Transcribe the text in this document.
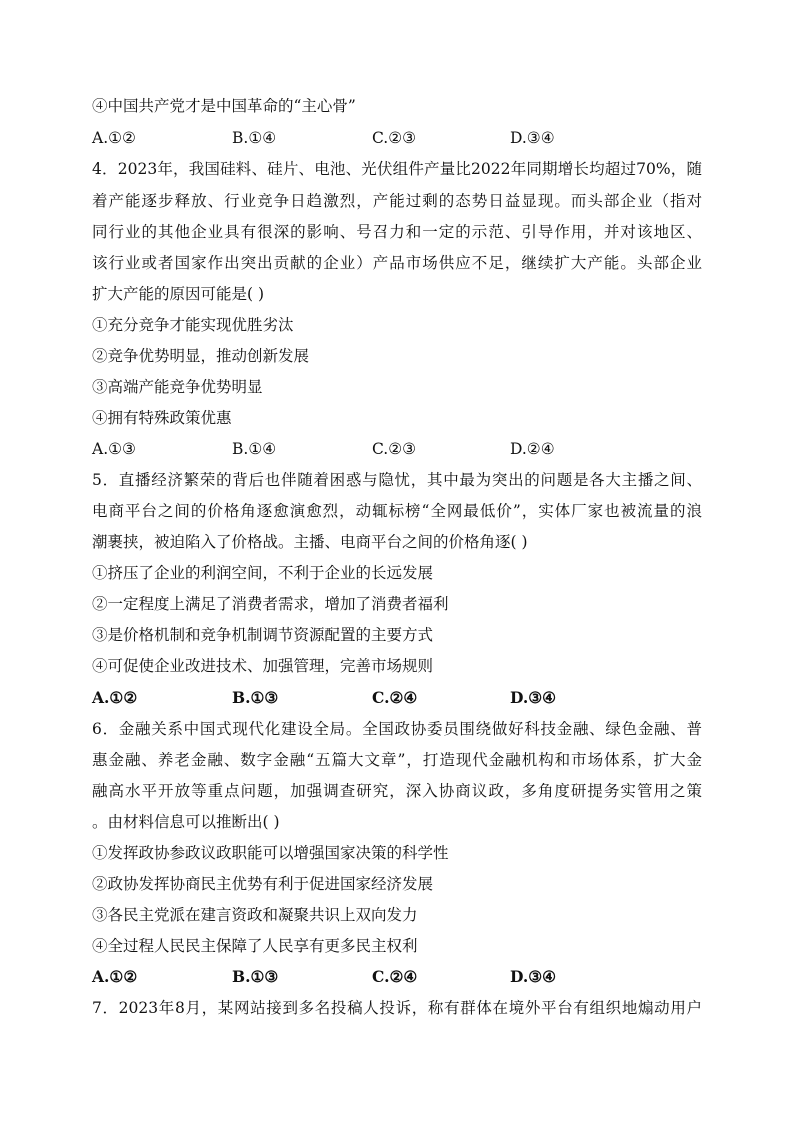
④中国共产党才是中国革命的“主心骨”
A.①②	B.①④	C.②③	D.③④
4．2023年，我国硅料、硅片、电池、光伏组件产量比2022年同期增长均超过70%，随
着产能逐步释放、行业竞争日趋激烈，产能过剩的态势日益显现。而头部企业（指对
同行业的其他企业具有很深的影响、号召力和一定的示范、引导作用，并对该地区、
该行业或者国家作出突出贡献的企业）产品市场供应不足，继续扩大产能。头部企业
扩大产能的原因可能是( )
①充分竞争才能实现优胜劣汰
②竞争优势明显，推动创新发展
③高端产能竞争优势明显
④拥有特殊政策优惠
A.①③	B.①④	C.②③	D.②④
5．直播经济繁荣的背后也伴随着困惑与隐忧，其中最为突出的问题是各大主播之间、
电商平台之间的价格角逐愈演愈烈，动辄标榜“全网最低价”，实体厂家也被流量的浪
潮裹挟，被迫陷入了价格战。主播、电商平台之间的价格角逐( )
①挤压了企业的利润空间，不利于企业的长远发展
②一定程度上满足了消费者需求，增加了消费者福利
③是价格机制和竞争机制调节资源配置的主要方式
④可促使企业改进技术、加强管理，完善市场规则
A.①②	B.①③	C.②④	D.③④
6．金融关系中国式现代化建设全局。全国政协委员围绕做好科技金融、绿色金融、普
惠金融、养老金融、数字金融“五篇大文章”，打造现代金融机构和市场体系，扩大金
融高水平开放等重点问题，加强调查研究，深入协商议政，多角度研提务实管用之策
。由材料信息可以推断出( )
①发挥政协参政议政职能可以增强国家决策的科学性
②政协发挥协商民主优势有利于促进国家经济发展
③各民主党派在建言资政和凝聚共识上双向发力
④全过程人民民主保障了人民享有更多民主权利
A.①②	B.①③	C.②④	D.③④
7．2023年8月，某网站接到多名投稿人投诉，称有群体在境外平台有组织地煽动用户
